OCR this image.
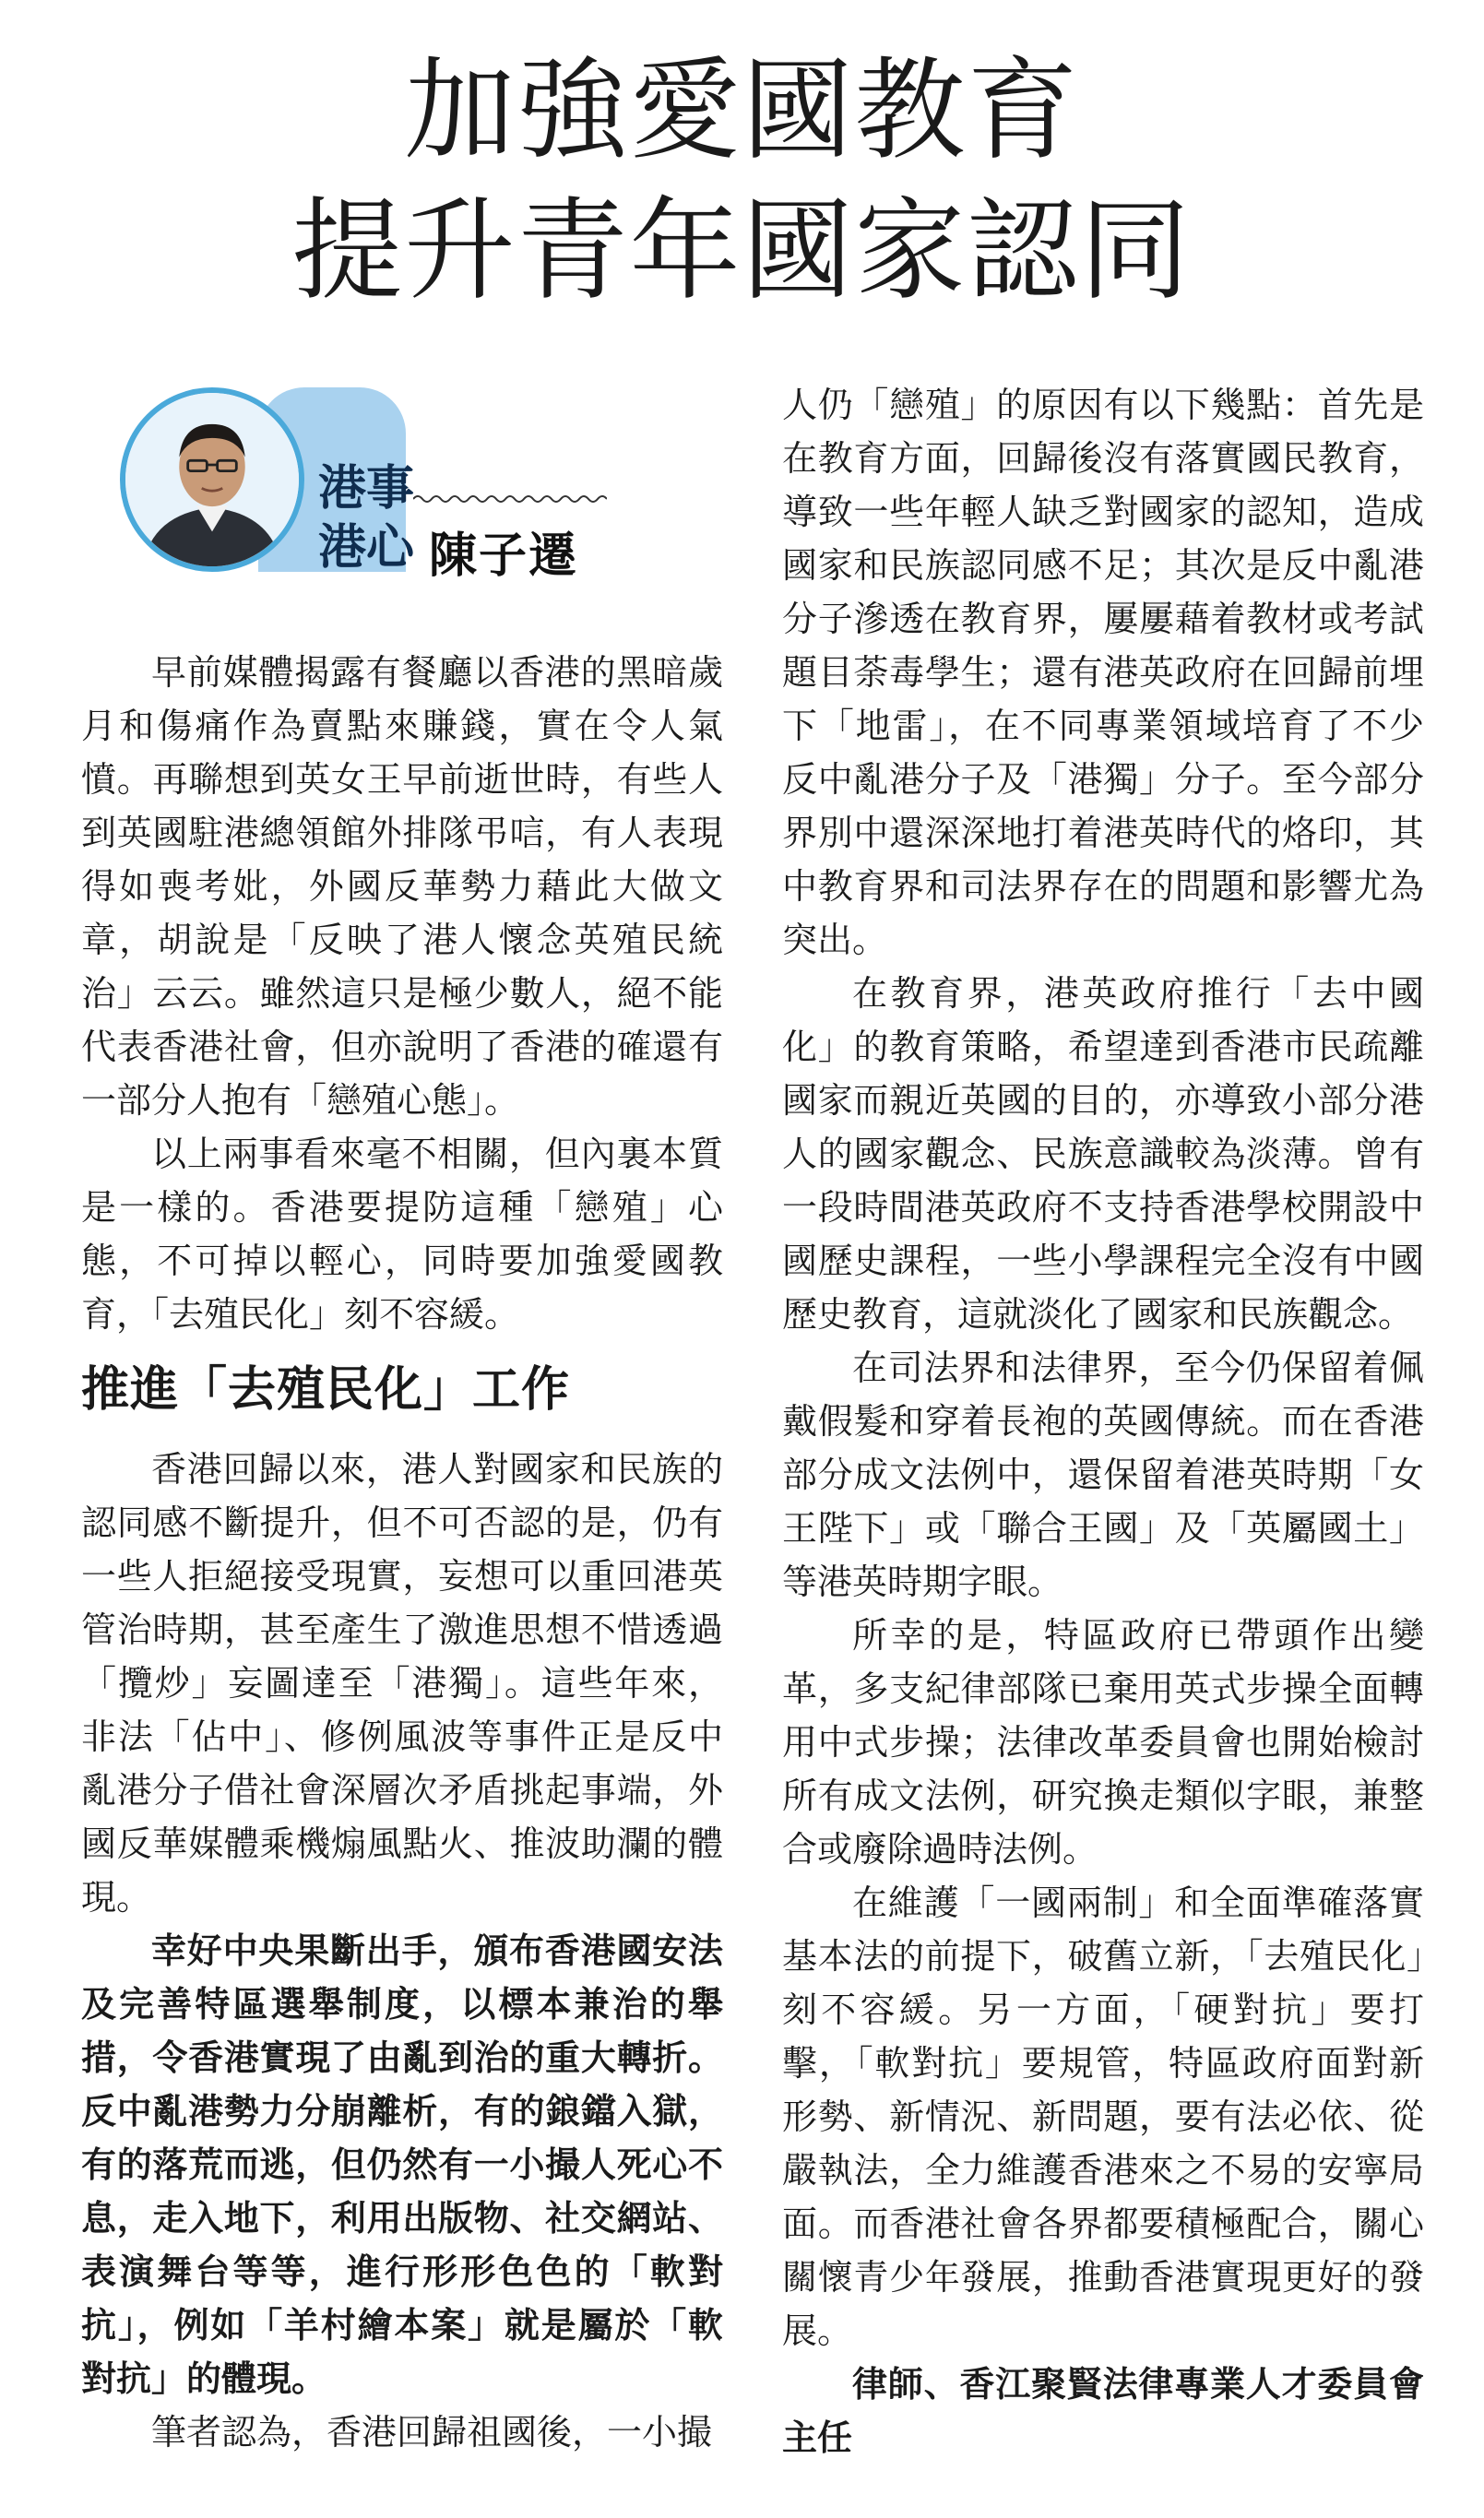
加強愛國教育
提升青年國家認同
港事港心 陳子遷

早前媒體揭露有餐廳以香港的黑暗歲月和傷痛作為賣點來賺錢，實在令人氣憤。再聯想到英女王早前逝世時，有些人到英國駐港總領館外排隊弔唁，有人表現得如喪考妣，外國反華勢力藉此大做文章，胡說是「反映了港人懷念英殖民統治」云云。雖然這只是極少數人，絕不能代表香港社會，但亦說明了香港的確還有一部分人抱有「戀殖心態」。

以上兩事看來毫不相關，但內裏本質是一樣的。香港要提防這種「戀殖」心態，不可掉以輕心，同時要加強愛國教育，「去殖民化」刻不容緩。

推進「去殖民化」工作

香港回歸以來，港人對國家和民族的認同感不斷提升，但不可否認的是，仍有一些人拒絕接受現實，妄想可以重回港英管治時期，甚至產生了激進思想不惜透過「攬炒」妄圖達至「港獨」。這些年來，非法「佔中」、修例風波等事件正是反中亂港分子借社會深層次矛盾挑起事端，外國反華媒體乘機煽風點火、推波助瀾的體現。

幸好中央果斷出手，頒布香港國安法及完善特區選舉制度，以標本兼治的舉措，令香港實現了由亂到治的重大轉折。反中亂港勢力分崩離析，有的鋃鐺入獄，有的落荒而逃，但仍然有一小撮人死心不息，走入地下，利用出版物、社交網站、表演舞台等等，進行形形色色的「軟對抗」，例如「羊村繪本案」就是屬於「軟對抗」的體現。

筆者認為，香港回歸祖國後，一小撮

人仍「戀殖」的原因有以下幾點：首先是在教育方面，回歸後沒有落實國民教育，導致一些年輕人缺乏對國家的認知，造成國家和民族認同感不足；其次是反中亂港分子滲透在教育界，屢屢藉着教材或考試題目荼毒學生；還有港英政府在回歸前埋下「地雷」，在不同專業領域培育了不少反中亂港分子及「港獨」分子。至今部分界別中還深深地打着港英時代的烙印，其中教育界和司法界存在的問題和影響尤為突出。

在教育界，港英政府推行「去中國化」的教育策略，希望達到香港市民疏離國家而親近英國的目的，亦導致小部分港人的國家觀念、民族意識較為淡薄。曾有一段時間港英政府不支持香港學校開設中國歷史課程，一些小學課程完全沒有中國歷史教育，這就淡化了國家和民族觀念。

在司法界和法律界，至今仍保留着佩戴假髮和穿着長袍的英國傳統。而在香港部分成文法例中，還保留着港英時期「女王陛下」或「聯合王國」及「英屬國土」等港英時期字眼。

所幸的是，特區政府已帶頭作出變革，多支紀律部隊已棄用英式步操全面轉用中式步操；法律改革委員會也開始檢討所有成文法例，研究換走類似字眼，兼整合或廢除過時法例。

在維護「一國兩制」和全面準確落實基本法的前提下，破舊立新，「去殖民化」刻不容緩。另一方面，「硬對抗」要打擊，「軟對抗」要規管，特區政府面對新形勢、新情況、新問題，要有法必依、從嚴執法，全力維護香港來之不易的安寧局面。而香港社會各界都要積極配合，關心關懷青少年發展，推動香港實現更好的發展。

律師、香江聚賢法律專業人才委員會主任
